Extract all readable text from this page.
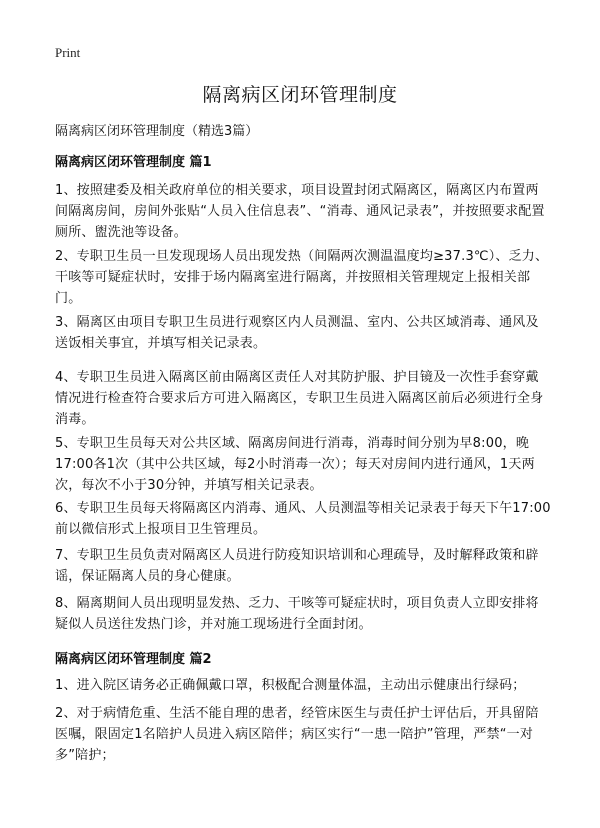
Print
隔离病区闭环管理制度

隔离病区闭环管理制度（精选3篇）

隔离病区闭环管理制度 篇1

1、按照建委及相关政府单位的相关要求，项目设置封闭式隔离区，隔离区内布置两间隔离房间，房间外张贴“人员入住信息表”、“消毒、通风记录表”，并按照要求配置厕所、盥洗池等设备。

2、专职卫生员一旦发现现场人员出现发热（间隔两次测温温度均≥37.3℃）、乏力、干咳等可疑症状时，安排于场内隔离室进行隔离，并按照相关管理规定上报相关部门。

3、隔离区由项目专职卫生员进行观察区内人员测温、室内、公共区域消毒、通风及送饭相关事宜，并填写相关记录表。

4、专职卫生员进入隔离区前由隔离区责任人对其防护服、护目镜及一次性手套穿戴情况进行检查符合要求后方可进入隔离区，专职卫生员进入隔离区前后必须进行全身消毒。

5、专职卫生员每天对公共区域、隔离房间进行消毒，消毒时间分别为早8:00，晚17:00各1次（其中公共区域，每2小时消毒一次）；每天对房间内进行通风，1天两次，每次不小于30分钟，并填写相关记录表。

6、专职卫生员每天将隔离区内消毒、通风、人员测温等相关记录表于每天下午17:00前以微信形式上报项目卫生管理员。

7、专职卫生员负责对隔离区人员进行防疫知识培训和心理疏导，及时解释政策和辟谣，保证隔离人员的身心健康。

8、隔离期间人员出现明显发热、乏力、干咳等可疑症状时，项目负责人立即安排将疑似人员送往发热门诊，并对施工现场进行全面封闭。

隔离病区闭环管理制度 篇2

1、进入院区请务必正确佩戴口罩，积极配合测量体温，主动出示健康出行绿码；

2、对于病情危重、生活不能自理的患者，经管床医生与责任护士评估后，开具留陪医嘱，限固定1名陪护人员进入病区陪伴；病区实行“一患一陪护”管理，严禁“一对多”陪护；
